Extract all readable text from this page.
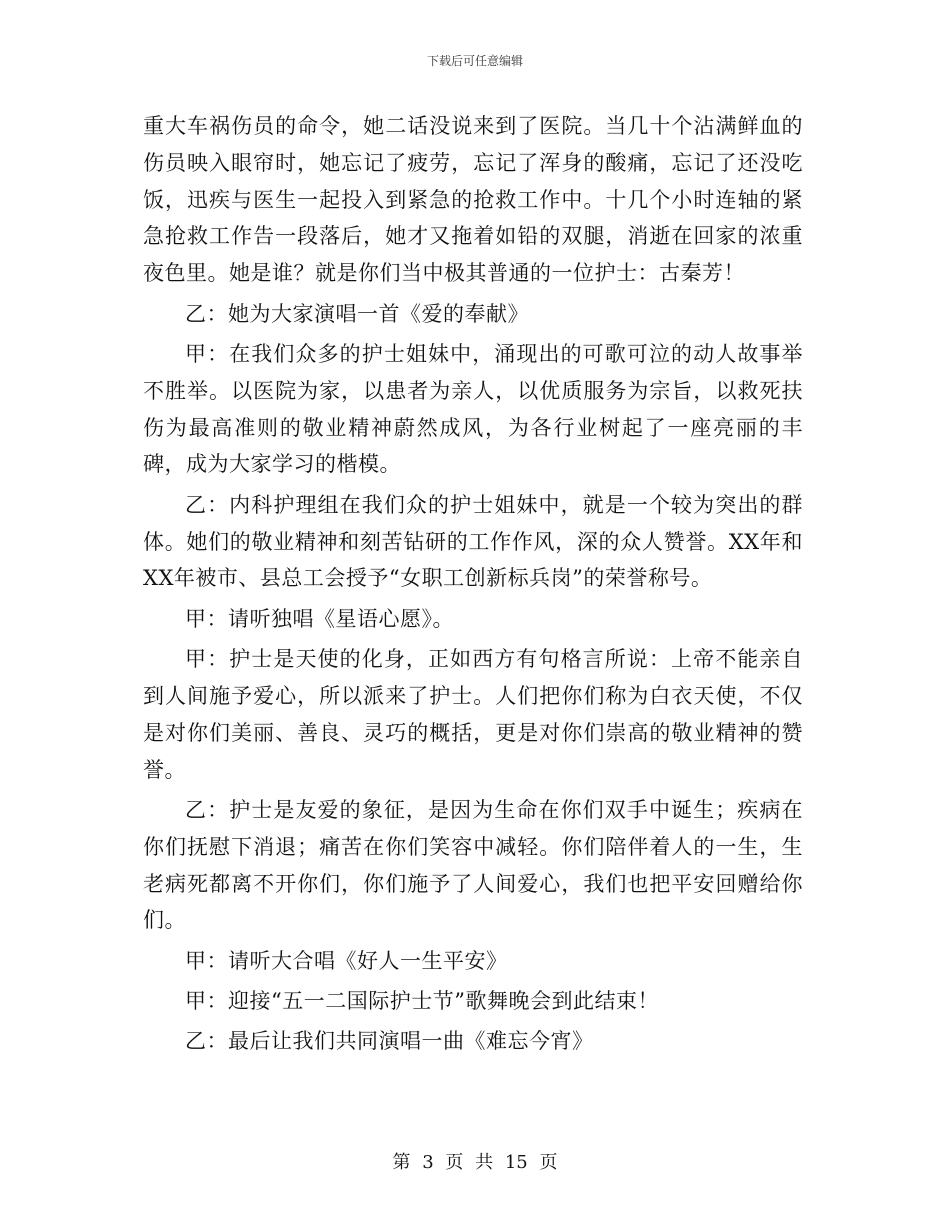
下载后可任意编辑

重大车祸伤员的命令，她二话没说来到了医院。当几十个沾满鲜血的伤员映入眼帘时，她忘记了疲劳，忘记了浑身的酸痛，忘记了还没吃饭，迅疾与医生一起投入到紧急的抢救工作中。十几个小时连轴的紧急抢救工作告一段落后，她才又拖着如铅的双腿，消逝在回家的浓重夜色里。她是谁？就是你们当中极其普通的一位护士：古秦芳！

乙：她为大家演唱一首《爱的奉献》

甲：在我们众多的护士姐妹中，涌现出的可歌可泣的动人故事举不胜举。以医院为家，以患者为亲人，以优质服务为宗旨，以救死扶伤为最高准则的敬业精神蔚然成风，为各行业树起了一座亮丽的丰碑，成为大家学习的楷模。

乙：内科护理组在我们众的护士姐妹中，就是一个较为突出的群体。她们的敬业精神和刻苦钻研的工作作风，深的众人赞誉。XX年和XX年被市、县总工会授予“女职工创新标兵岗”的荣誉称号。

甲：请听独唱《星语心愿》。

甲：护士是天使的化身，正如西方有句格言所说：上帝不能亲自到人间施予爱心，所以派来了护士。人们把你们称为白衣天使，不仅是对你们美丽、善良、灵巧的概括，更是对你们崇高的敬业精神的赞誉。

乙：护士是友爱的象征，是因为生命在你们双手中诞生；疾病在你们抚慰下消退；痛苦在你们笑容中减轻。你们陪伴着人的一生，生老病死都离不开你们，你们施予了人间爱心，我们也把平安回赠给你们。

甲：请听大合唱《好人一生平安》

甲：迎接“五一二国际护士节”歌舞晚会到此结束！

乙：最后让我们共同演唱一曲《难忘今宵》

第 3 页 共 15 页
